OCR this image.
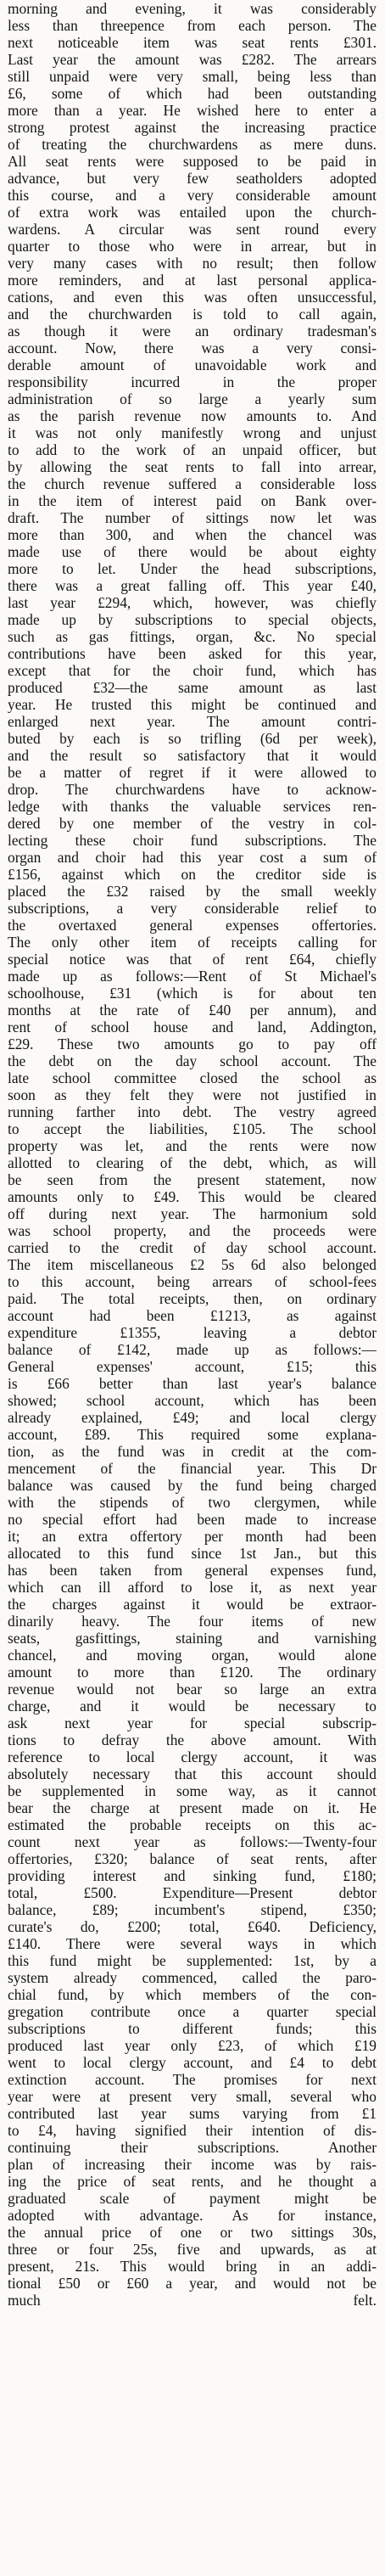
morning and evening, it was considerably

less than threepence from each person. The

next noticeable item was seat rents £301.

Last year the amount was £282. The arrears

still unpaid were very small, being less than

£6, some of which had been outstanding

more than a year. He wished here to enter a

strong protest against the increasing practice

of treating the churchwardens as mere duns.

All seat rents were supposed to be paid in

advance, but very few seatholders adopted

this course, and a very considerable amount

of extra work was entailed upon the church-

wardens. A circular was sent round every

quarter to those who were in arrear, but in

very many cases with no result; then follow

more reminders, and at last personal applica-

cations, and even this was often unsuccessful,

and the churchwarden is told to call again,

as though it were an ordinary tradesman's

account. Now, there was a very consi-

derable amount of unavoidable work and

responsibility incurred in the proper

administration of so large a yearly sum

as the parish revenue now amounts to. And

it was not only manifestly wrong and unjust

to add to the work of an unpaid officer, but

by allowing the seat rents to fall into arrear,

the church revenue suffered a considerable loss

in the item of interest paid on Bank over-

draft. The number of sittings now let was

more than 300, and when the chancel was

made use of there would be about eighty

more to let. Under the head subscriptions,

there was a great falling off. This year £40,

last year £294, which, however, was chiefly

made up by subscriptions to special objects,

such as gas fittings, organ, &c. No special

contributions have been asked for this year,

except that for the choir fund, which has

produced £32—the same amount as last

year. He trusted this might be continued and

enlarged next year. The amount contri-

buted by each is so trifling (6d per week),

and the result so satisfactory that it would

be a matter of regret if it were allowed to

drop. The churchwardens have to acknow-

ledge with thanks the valuable services ren-

dered by one member of the vestry in col-

lecting these choir fund subscriptions. The

organ and choir had this year cost a sum of

£156, against which on the creditor side is

placed the £32 raised by the small weekly

subscriptions, a very considerable relief to

the overtaxed general expenses offertories.

The only other item of receipts calling for

special notice was that of rent £64, chiefly

made up as follows:—Rent of St Michael's

schoolhouse, £31 (which is for about ten

months at the rate of £40 per annum), and

rent of school house and land, Addington,

£29. These two amounts go to pay off

the debt on the day school account. The

late school committee closed the school as

soon as they felt they were not justified in

running farther into debt. The vestry agreed

to accept the liabilities, £105. The school

property was let, and the rents were now

allotted to clearing of the debt, which, as will

be seen from the present statement, now

amounts only to £49. This would be cleared

off during next year. The harmonium sold

was school property, and the proceeds were

carried to the credit of day school account.

The item miscellaneous £2 5s 6d also belonged

to this account, being arrears of school-fees

paid. The total receipts, then, on ordinary

account had been £1213, as against

expenditure £1355, leaving a debtor

balance of £142, made up as follows:—

General expenses' account, £15; this

is £66 better than last year's balance

showed; school account, which has been

already explained, £49; and local clergy

account, £89. This required some explana-

tion, as the fund was in credit at the com-

mencement of the financial year. This Dr

balance was caused by the fund being charged

with the stipends of two clergymen, while

no special effort had been made to increase

it; an extra offertory per month had been

allocated to this fund since 1st Jan., but this

has been taken from general expenses fund,

which can ill afford to lose it, as next year

the charges against it would be extraor-

dinarily heavy. The four items of new

seats, gasfittings, staining and varnishing

chancel, and moving organ, would alone

amount to more than £120. The ordinary

revenue would not bear so large an extra

charge, and it would be necessary to

ask next year for special subscrip-

tions to defray the above amount. With

reference to local clergy account, it was

absolutely necessary that this account should

be supplemented in some way, as it cannot

bear the charge at present made on it. He

estimated the probable receipts on this ac-

count next year as follows:—Twenty-four

offertories, £320; balance of seat rents, after

providing interest and sinking fund, £180;

total, £500. Expenditure—Present debtor

balance, £89; incumbent's stipend, £350;

curate's do, £200; total, £640. Deficiency,

£140. There were several ways in which

this fund might be supplemented: 1st, by a

system already commenced, called the paro-

chial fund, by which members of the con-

gregation contribute once a quarter special

subscriptions to different funds; this

produced last year only £23, of which £19

went to local clergy account, and £4 to debt

extinction account. The promises for next

year were at present very small, several who

contributed last year sums varying from £1

to £4, having signified their intention of dis-

continuing their subscriptions. Another

plan of increasing their income was by rais-

ing the price of seat rents, and he thought a

graduated scale of payment might be

adopted with advantage. As for instance,

the annual price of one or two sittings 30s,

three or four 25s, five and upwards, as at

present, 21s. This would bring in an addi-

tional £50 or £60 a year, and would not be

much felt.
